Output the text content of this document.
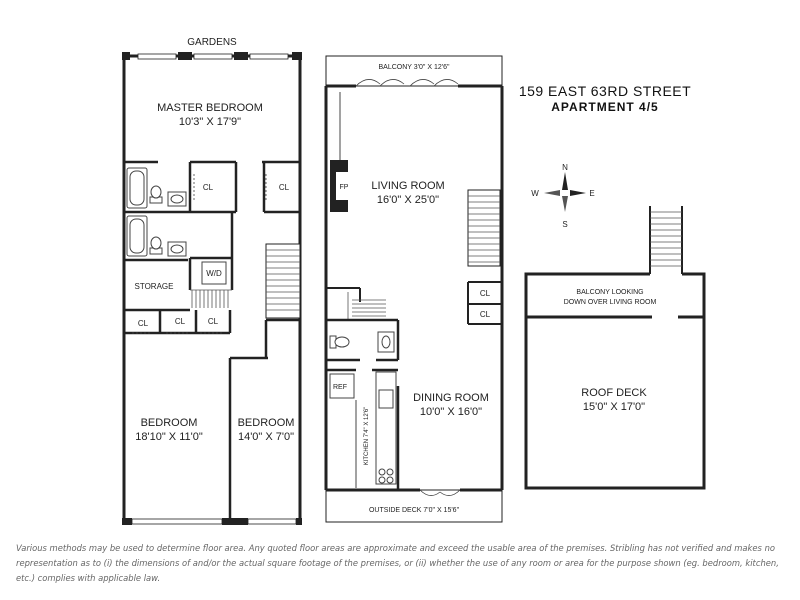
GARDENS
MASTER BEDROOM
10'3" X 17'9"
CL	CL
STORAGE
W/D
CL	CL	CL
BEDROOM
18'10" X 11'0"
BEDROOM
14'0" X 7'0"
BALCONY 3'0" X 12'6"
FP
OUTSIDE DECK 7'0" X 15'6"
LIVING ROOM
16'0" X 25'0"
CL
CL
REF
KITCHEN 7'4" X 12'6"
DINING ROOM
10'0" X 16'0"
N
S
E
W
BALCONY LOOKING
DOWN OVER LIVING ROOM
ROOF DECK
15'0" X 17'0"
159 EAST 63RD STREET
APARTMENT 4/5
Various methods may be used to determine floor area. Any quoted floor areas are approximate and exceed the usable area of the premises. Stribling has not verified and makes no representation as to (i) the dimensions of and/or the actual square footage of the premises, or (ii) whether the use of any room or area for the purpose shown (eg. bedroom, kitchen, etc.) complies with applicable law.
